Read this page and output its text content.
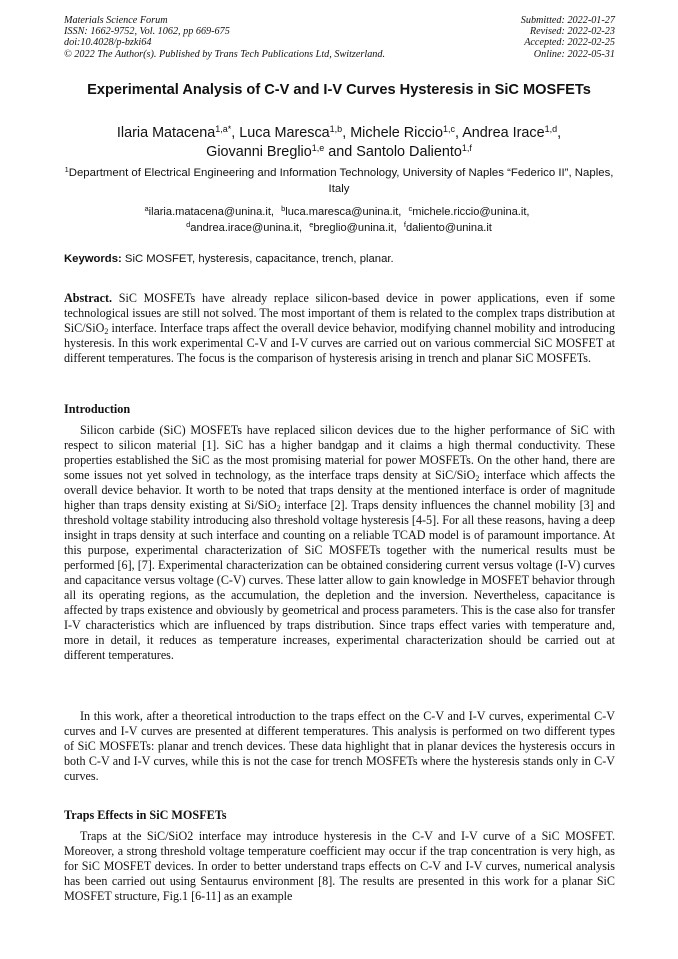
Materials Science Forum
ISSN: 1662-9752, Vol. 1062, pp 669-675
doi:10.4028/p-bzki64
© 2022 The Author(s). Published by Trans Tech Publications Ltd, Switzerland.
Submitted: 2022-01-27
Revised: 2022-02-23
Accepted: 2022-02-25
Online: 2022-05-31
Experimental Analysis of C-V and I-V Curves Hysteresis in SiC MOSFETs
Ilaria Matacena$^{1,a*}$, Luca Maresca$^{1,b}$, Michele Riccio$^{1,c}$, Andrea Irace$^{1,d}$,
Giovanni Breglio$^{1,e}$ and Santolo Daliento$^{1,f}$
$^1$Department of Electrical Engineering and Information Technology, University of Naples “Federico II”, Naples, Italy
$^a$ilaria.matacena@unina.it, $^b$luca.maresca@unina.it, $^c$michele.riccio@unina.it,
$^d$andrea.irace@unina.it, $^e$breglio@unina.it, $^f$daliento@unina.it
Keywords: SiC MOSFET, hysteresis, capacitance, trench, planar.
Abstract. SiC MOSFETs have already replace silicon-based device in power applications, even if some technological issues are still not solved. The most important of them is related to the complex traps distribution at SiC/SiO$_2$ interface. Interface traps affect the overall device behavior, modifying channel mobility and introducing hysteresis. In this work experimental C-V and I-V curves are carried out on various commercial SiC MOSFET at different temperatures. The focus is the comparison of hysteresis arising in trench and planar SiC MOSFETs.
Introduction
Silicon carbide (SiC) MOSFETs have replaced silicon devices due to the higher performance of SiC with respect to silicon material [1]. SiC has a higher bandgap and it claims a high thermal conductivity. These properties established the SiC as the most promising material for power MOSFETs. On the other hand, there are some issues not yet solved in technology, as the interface traps density at SiC/SiO$_2$ interface which affects the overall device behavior. It worth to be noted that traps density at the mentioned interface is order of magnitude higher than traps density existing at Si/SiO$_2$ interface [2]. Traps density influences the channel mobility [3] and threshold voltage stability introducing also threshold voltage hysteresis [4-5]. For all these reasons, having a deep insight in traps density at such interface and counting on a reliable TCAD model is of paramount importance. At this purpose, experimental characterization of SiC MOSFETs together with the numerical results must be performed [6], [7]. Experimental characterization can be obtained considering current versus voltage (I-V) curves and capacitance versus voltage (C-V) curves. These latter allow to gain knowledge in MOSFET behavior through all its operating regions, as the accumulation, the depletion and the inversion. Nevertheless, capacitance is affected by traps existence and obviously by geometrical and process parameters. This is the case also for transfer I-V characteristics which are influenced by traps distribution. Since traps effect varies with temperature and, more in detail, it reduces as temperature increases, experimental characterization should be carried out at different temperatures.
In this work, after a theoretical introduction to the traps effect on the C-V and I-V curves, experimental C-V curves and I-V curves are presented at different temperatures. This analysis is performed on two different types of SiC MOSFETs: planar and trench devices. These data highlight that in planar devices the hysteresis occurs in both C-V and I-V curves, while this is not the case for trench MOSFETs where the hysteresis stands only in C-V curves.
Traps Effects in SiC MOSFETs
Traps at the SiC/SiO2 interface may introduce hysteresis in the C-V and I-V curve of a SiC MOSFET. Moreover, a strong threshold voltage temperature coefficient may occur if the trap concentration is very high, as for SiC MOSFET devices. In order to better understand traps effects on C-V and I-V curves, numerical analysis has been carried out using Sentaurus environment [8]. The results are presented in this work for a planar SiC MOSFET structure, Fig.1 [6-11] as an example
